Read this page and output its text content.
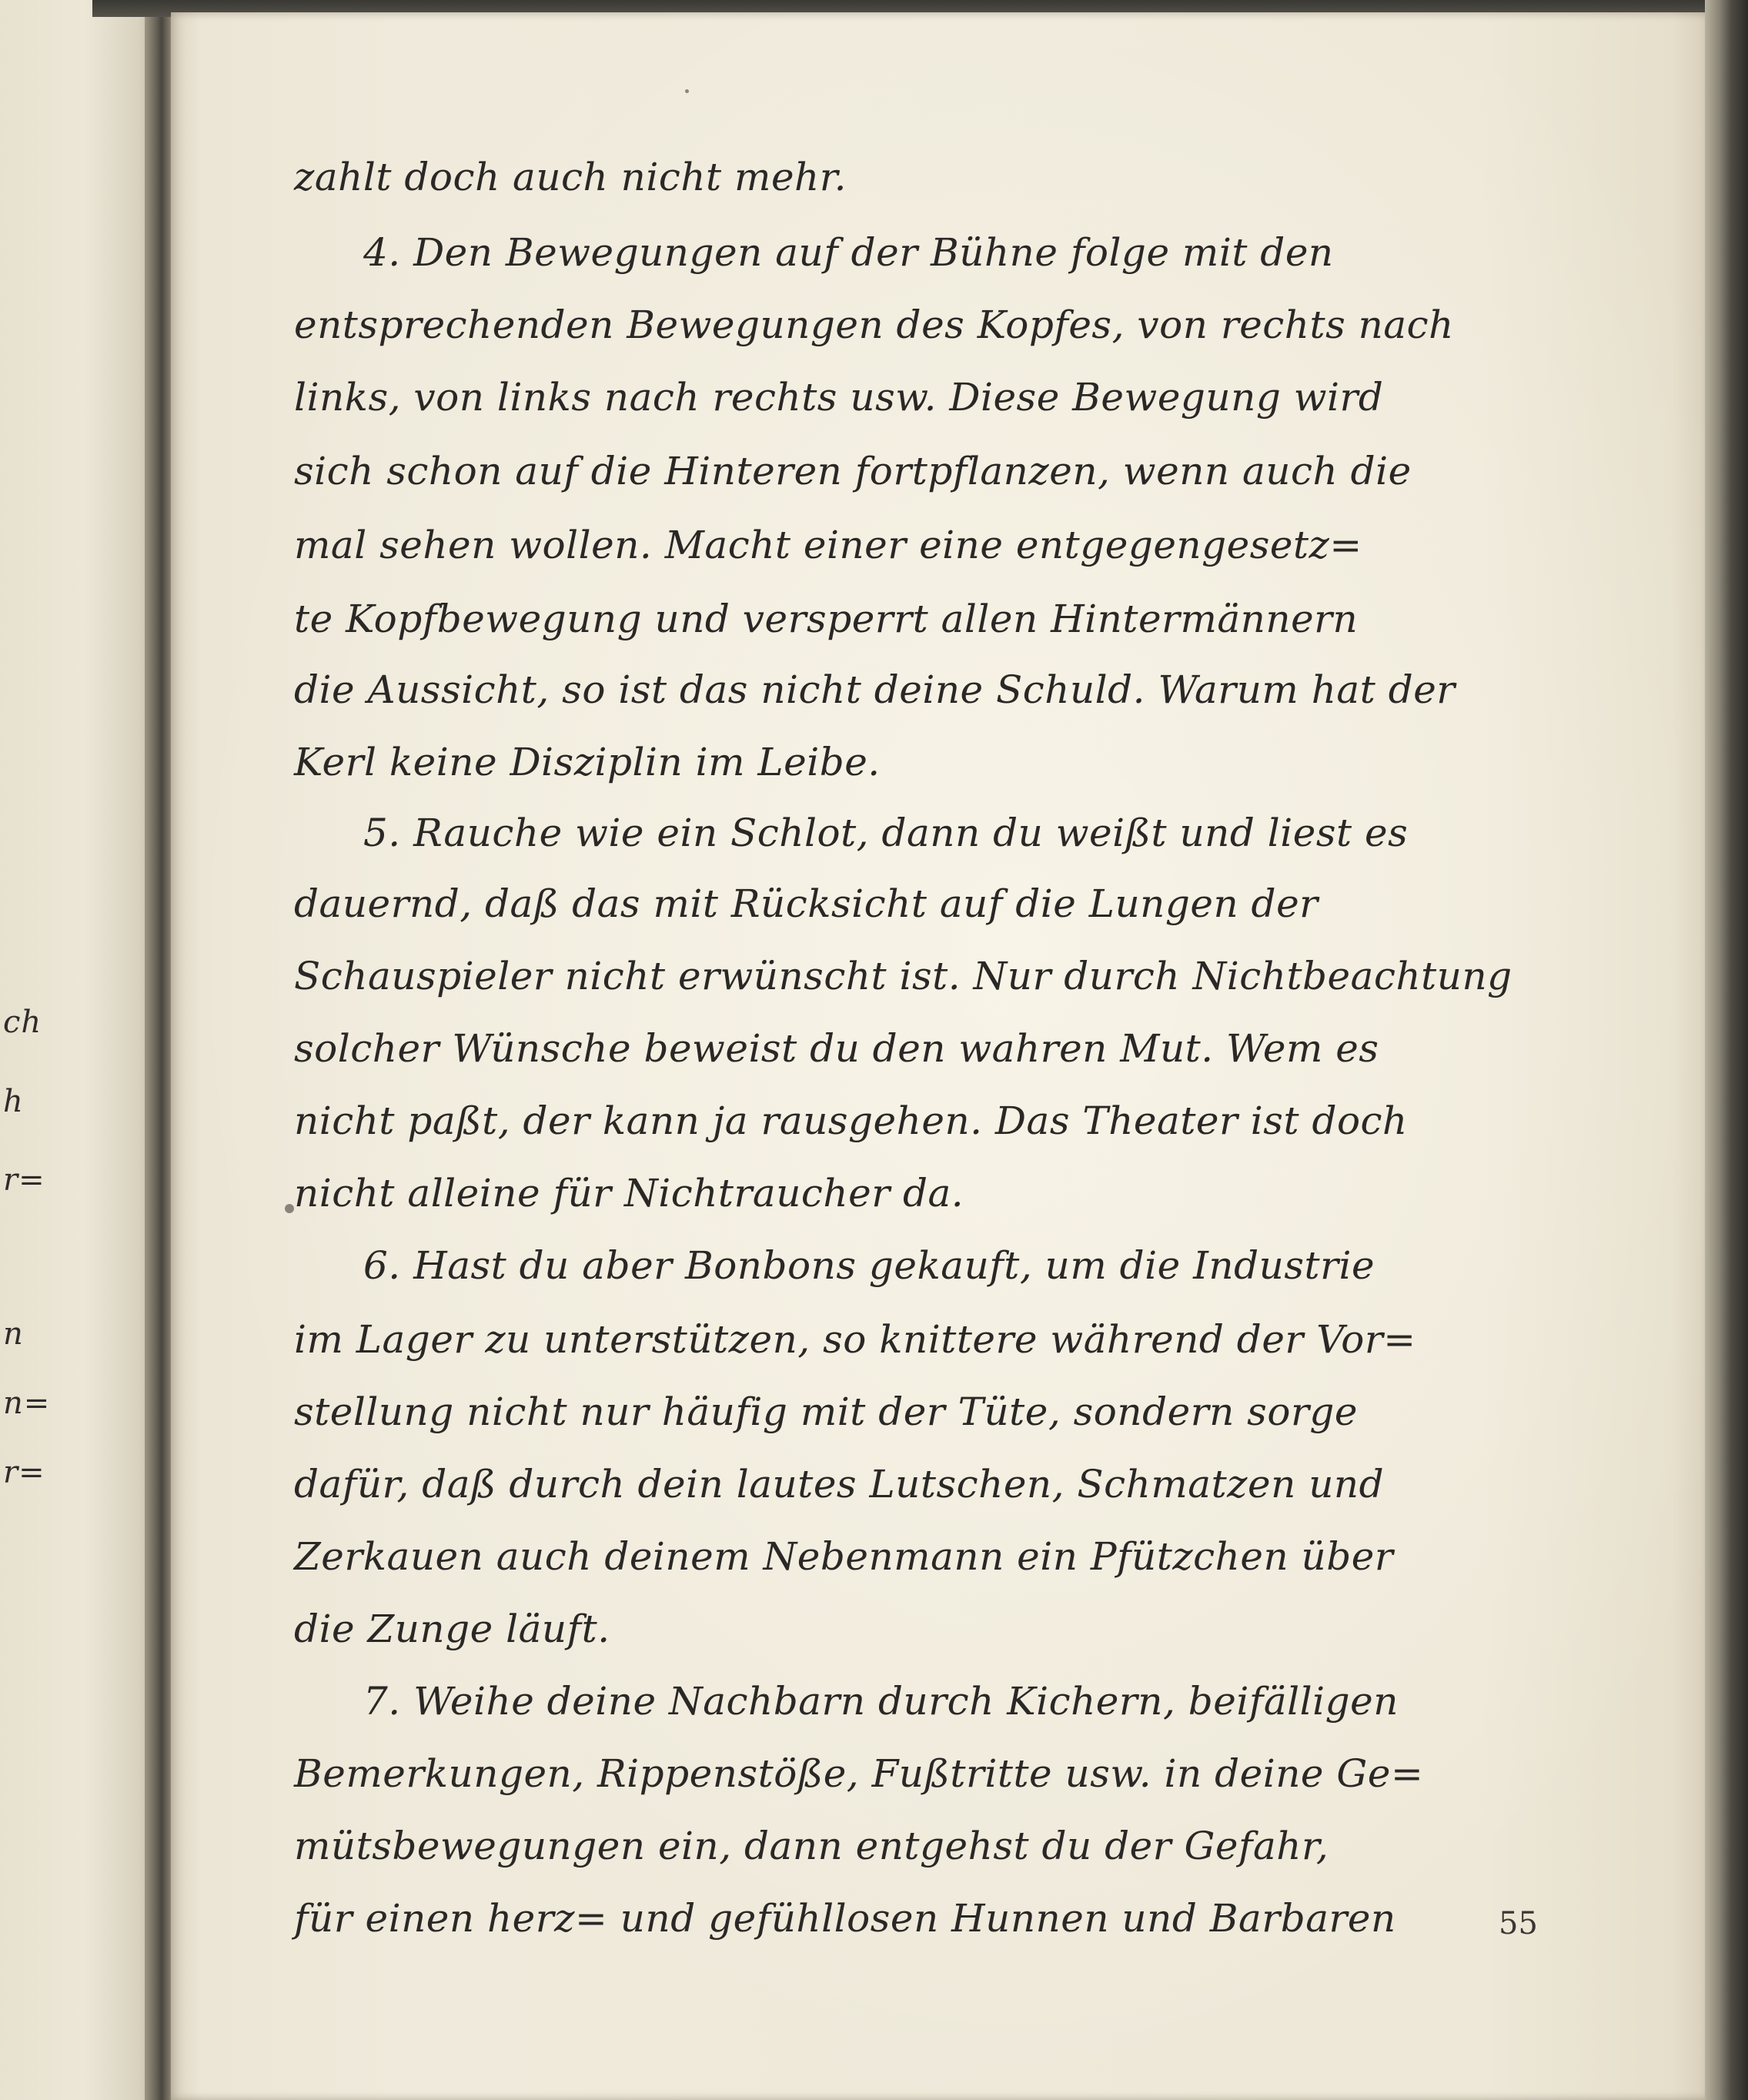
ch
h
r=
n
n=
r=
zahlt doch auch nicht mehr.
4. Den Bewegungen auf der Bühne folge mit den
entsprechenden Bewegungen des Kopfes, von rechts nach
links, von links nach rechts usw. Diese Bewegung wird
sich schon auf die Hinteren fortpflanzen, wenn auch die
mal sehen wollen. Macht einer eine entgegengesetz=
te Kopfbewegung und versperrt allen Hintermännern
die Aussicht, so ist das nicht deine Schuld. Warum hat der
Kerl keine Disziplin im Leibe.
5. Rauche wie ein Schlot, dann du weißt und liest es
dauernd, daß das mit Rücksicht auf die Lungen der
Schauspieler nicht erwünscht ist. Nur durch Nichtbeachtung
solcher Wünsche beweist du den wahren Mut. Wem es
nicht paßt, der kann ja rausgehen. Das Theater ist doch
nicht alleine für Nichtraucher da.
6. Hast du aber Bonbons gekauft, um die Industrie
im Lager zu unterstützen, so knittere während der Vor=
stellung nicht nur häufig mit der Tüte, sondern sorge
dafür, daß durch dein lautes Lutschen, Schmatzen und
Zerkauen auch deinem Nebenmann ein Pfützchen über
die Zunge läuft.
7. Weihe deine Nachbarn durch Kichern, beifälligen
Bemerkungen, Rippenstöße, Fußtritte usw. in deine Ge=
mütsbewegungen ein, dann entgehst du der Gefahr,
für einen herz= und gefühllosen Hunnen und Barbaren	55
